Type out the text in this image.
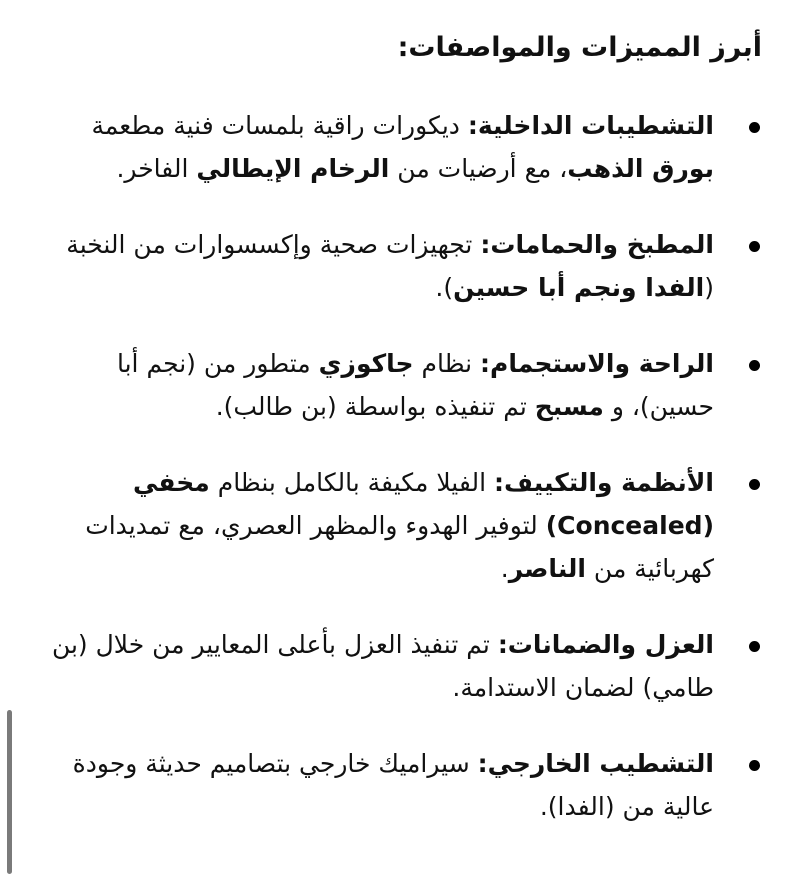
أبرز المميزات والمواصفات:
التشطيبات الداخلية: ديكورات راقية بلمسات فنية مطعمة بورق الذهب، مع أرضيات من الرخام الإيطالي الفاخر.
المطبخ والحمامات: تجهيزات صحية وإكسسوارات من النخبة (الفدا ونجم أبا حسين).
الراحة والاستجمام: نظام جاكوزي متطور من (نجم أبا حسين)، و مسبح تم تنفيذه بواسطة (بن طالب).
الأنظمة والتكييف: الفيلا مكيفة بالكامل بنظام مخفي (Concealed) لتوفير الهدوء والمظهر العصري، مع تمديدات كهربائية من الناصر.
العزل والضمانات: تم تنفيذ العزل بأعلى المعايير من خلال (بن طامي) لضمان الاستدامة.
التشطيب الخارجي: سيراميك خارجي بتصاميم حديثة وجودة عالية من (الفدا).
